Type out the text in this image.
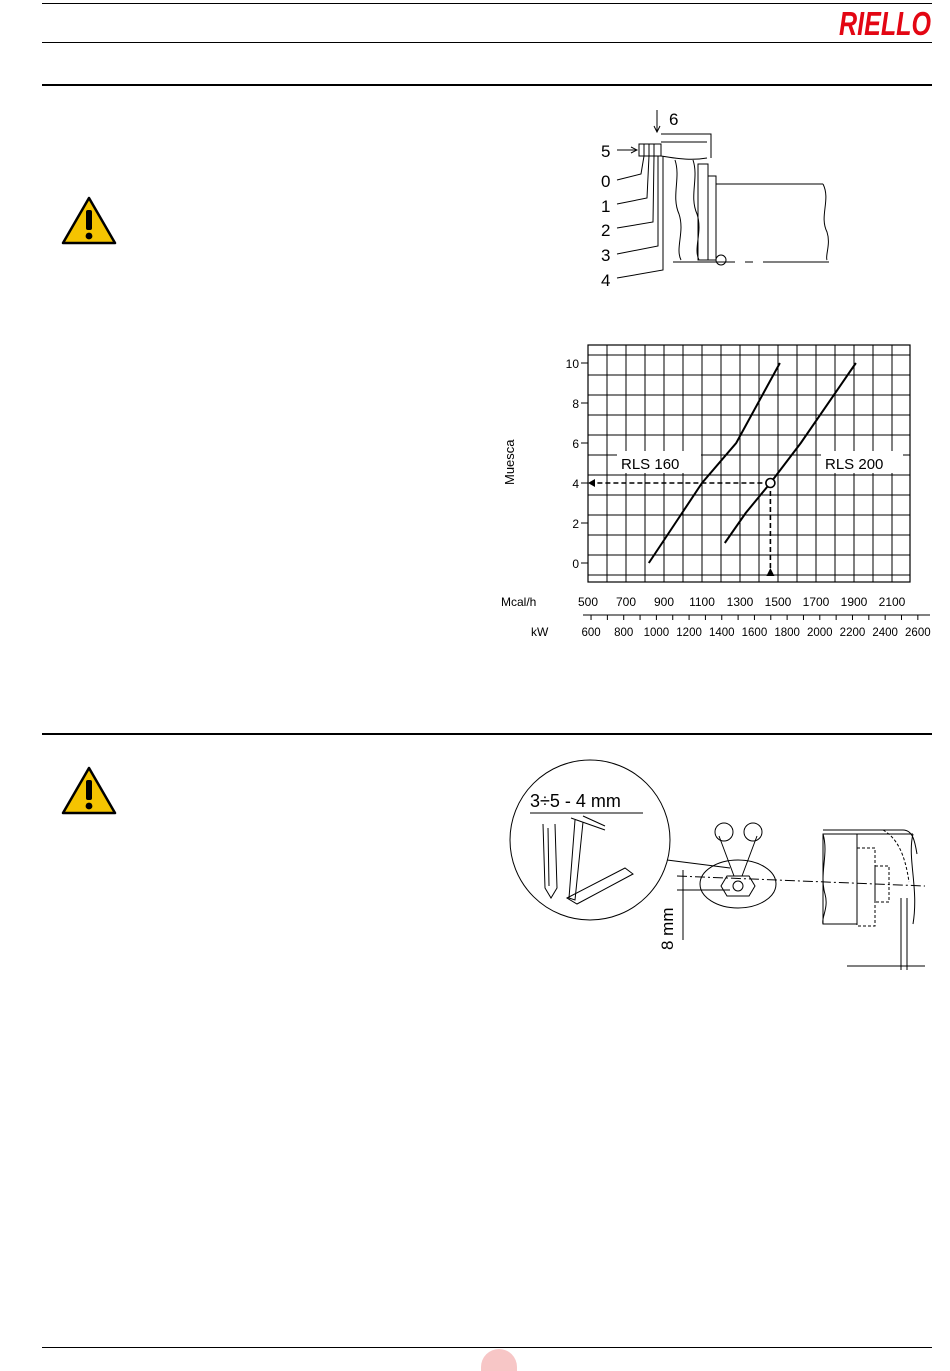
RIELLO
6
5
0
1
2
3
4
0
2
4
6
8
10
500 700 900 1100 1300 1500 1700 1900 2100
600 800 1000 1200 1400 1600 1800 2000 2200 2400 2600
Muesca
Mcal/h
kW
RLS 160	RLS 200
3÷5 - 4 mm
8 mm
